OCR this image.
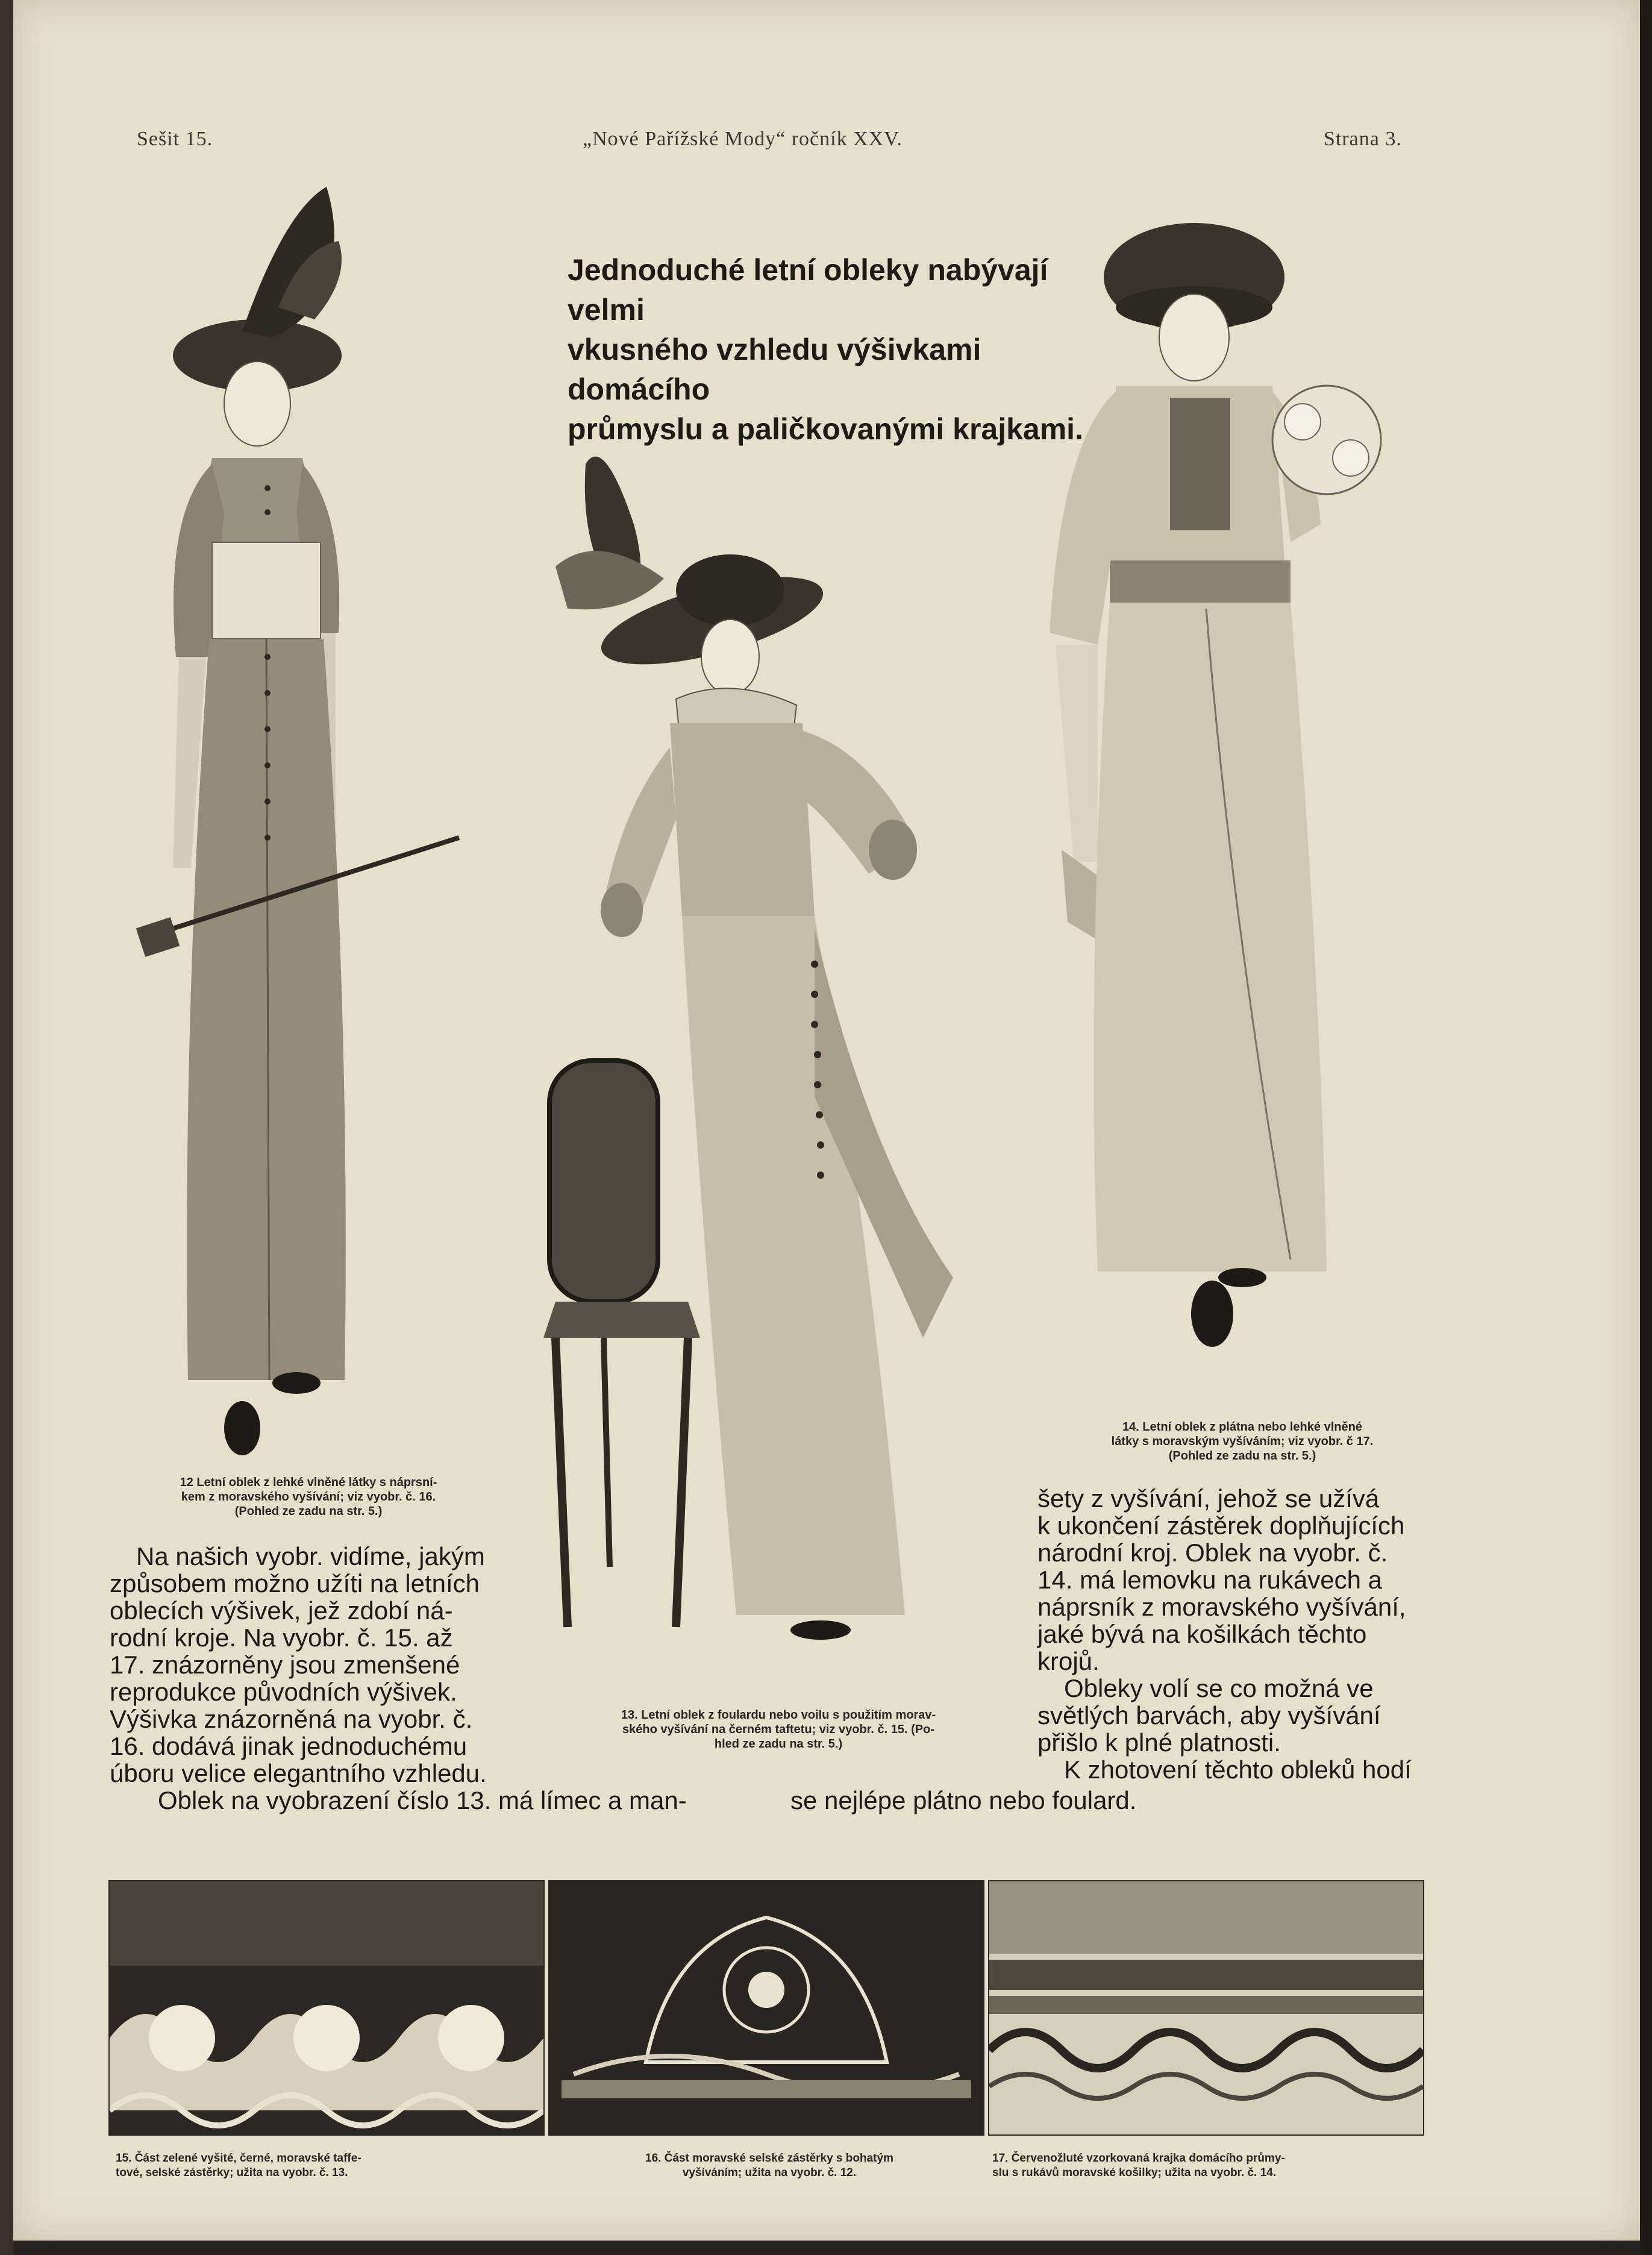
Sešit 15.	„Nové Pařížské Mody“ ročník XXV.	Strana 3.
Jednoduché letní obleky nabývají velmi
vkusného vzhledu výšivkami domácího
průmyslu a paličkovanými krajkami.
12 Letní oblek z lehké vlněné látky s náprsní-
kem z moravského vyšívání; viz vyobr. č. 16.
(Pohled ze zadu na str. 5.)
13. Letní oblek z foulardu nebo voilu s použitím morav-
ského vyšívání na černém taftetu; viz vyobr. č. 15. (Po-
hled ze zadu na str. 5.)
14. Letní oblek z plátna nebo lehké vlněné
látky s moravským vyšíváním; viz vyobr. č 17.
(Pohled ze zadu na str. 5.)

Na našich vyobr. vidíme, jakým

způsobem možno užíti na letních

oblecích výšivek, jež zdobí ná-

rodní kroje. Na vyobr. č. 15. až

17. znázorněny jsou zmenšené

reprodukce původních výšivek.

Výšivka znázorněná na vyobr. č.

16. dodává jinak jednoduchému

úboru velice elegantního vzhledu.

Oblek na vyobrazení číslo 13. má límec a man-

šety z vyšívání, jehož se užívá

k ukončení zástěrek doplňujících

národní kroj. Oblek na vyobr. č.

14. má lemovku na rukávech a

náprsník z moravského vyšívání,

jaké bývá na košilkách těchto

krojů.

Obleky volí se co možná ve

světlých barvách, aby vyšívání

přišlo k plné platnosti.

K zhotovení těchto obleků hodí

se nejlépe plátno nebo foulard.

15. Část zelené vyšité, černé, moravské taffe-
tové, selské zástěrky; užita na vyobr. č. 13.
16. Část moravské selské zástěrky s bohatým
vyšíváním; užita na vyobr. č. 12.
17. Červenožluté vzorkovaná krajka domácího průmy-
slu s rukávů moravské košilky; užita na vyobr. č. 14.
